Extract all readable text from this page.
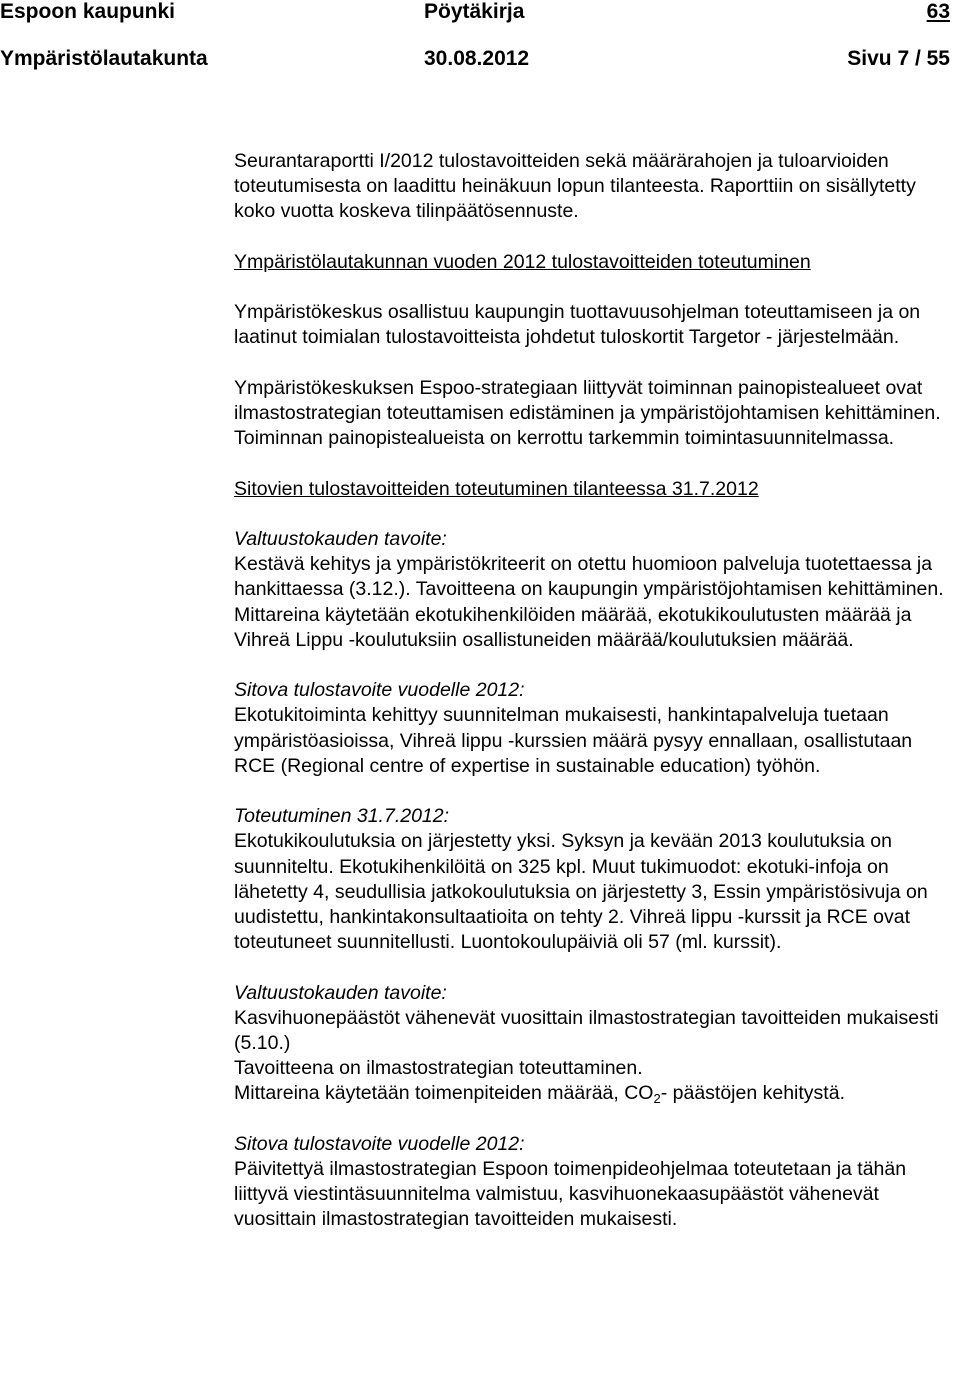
Espoon kaupunki	Pöytäkirja	63
Ympäristölautakunta	30.08.2012	Sivu 7 / 55

Seurantaraportti I/2012 tulostavoitteiden sekä määrärahojen ja tuloarvioiden toteutumisesta on laadittu heinäkuun lopun tilanteesta. Raporttiin on sisällytetty koko vuotta koskeva tilinpäätösennuste.

Ympäristölautakunnan vuoden 2012 tulostavoitteiden toteutuminen

Ympäristökeskus osallistuu kaupungin tuottavuusohjelman toteuttamiseen ja on laatinut toimialan tulostavoitteista johdetut tuloskortit Targetor - järjestelmään.

Ympäristökeskuksen Espoo-strategiaan liittyvät toiminnan painopistealueet ovat ilmastostrategian toteuttamisen edistäminen ja ympäristöjohtamisen kehittäminen. Toiminnan painopistealueista on kerrottu tarkemmin toimintasuunnitelmassa.

Sitovien tulostavoitteiden toteutuminen tilanteessa 31.7.2012

Valtuustokauden tavoite:

Kestävä kehitys ja ympäristökriteerit on otettu huomioon palveluja tuotettaessa ja hankittaessa (3.12.). Tavoitteena on kaupungin ympäristöjohtamisen kehittäminen.

Mittareina käytetään ekotukihenkilöiden määrää, ekotukikoulutusten määrää ja Vihreä Lippu -koulutuksiin osallistuneiden määrää/koulutuksien määrää.

Sitova tulostavoite vuodelle 2012:

Ekotukitoiminta kehittyy suunnitelman mukaisesti, hankintapalveluja tuetaan ympäristöasioissa, Vihreä lippu -kurssien määrä pysyy ennallaan, osallistutaan RCE (Regional centre of expertise in sustainable education) työhön.

Toteutuminen 31.7.2012:

Ekotukikoulutuksia on järjestetty yksi. Syksyn ja kevään 2013 koulutuksia on suunniteltu. Ekotukihenkilöitä on 325 kpl. Muut tukimuodot: ekotuki-infoja on lähetetty 4, seudullisia jatkokoulutuksia on järjestetty 3, Essin ympäristösivuja on uudistettu, hankintakonsultaatioita on tehty 2. Vihreä lippu -kurssit ja RCE ovat toteutuneet suunnitellusti. Luontokoulupäiviä oli 57 (ml. kurssit).

Valtuustokauden tavoite:

Kasvihuonepäästöt vähenevät vuosittain ilmastostrategian tavoitteiden mukaisesti (5.10.)

Tavoitteena on ilmastostrategian toteuttaminen.

Mittareina käytetään toimenpiteiden määrää, $CO_2-$ päästöjen kehitystä.

Sitova tulostavoite vuodelle 2012:

Päivitettyä ilmastostrategian Espoon toimenpideohjelmaa toteutetaan ja tähän liittyvä viestintäsuunnitelma valmistuu, kasvihuonekaasupäästöt vähenevät vuosittain ilmastostrategian tavoitteiden mukaisesti.
